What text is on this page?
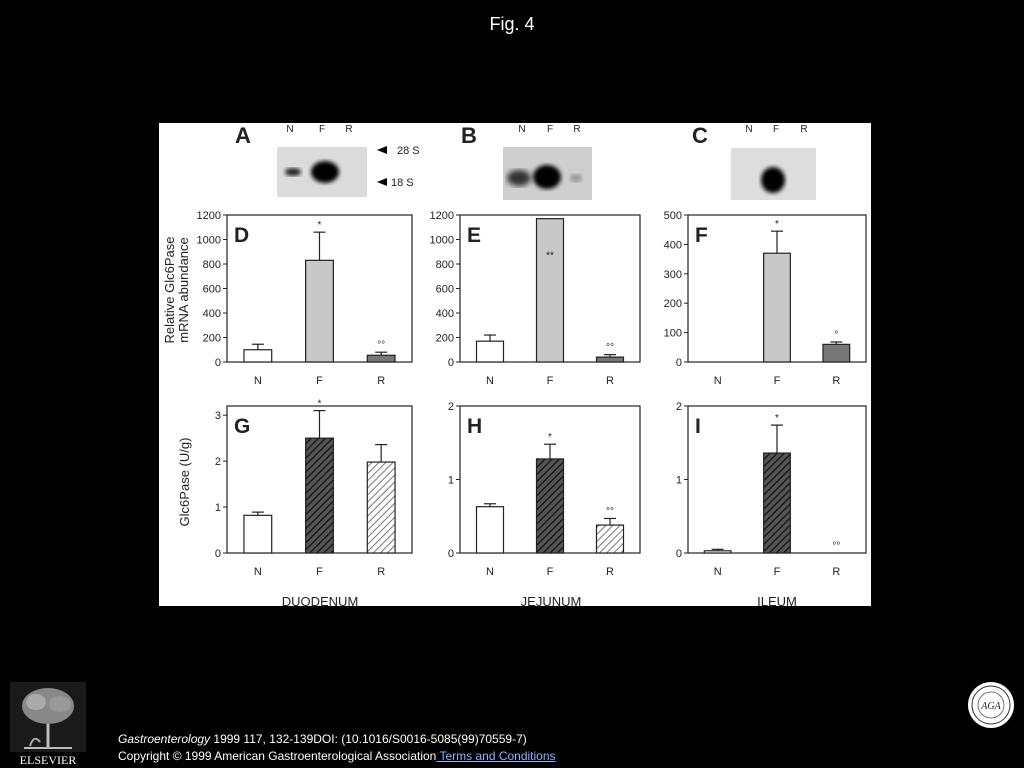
Fig. 4
A	N	F R
28 S
18 S
B	N F R	C	N F R
Relative Glc6Pase mRNA abundance
Glc6Pase (U/g)
DUODENUM	JEJUNUM	ILEUM
D
0
200
400
600
800
1000
1200
N
*
F
°°
R
E
0
200
400
600
800
1000
1200
N
**
F
°°
R
F
0
100
200
300
400
500
N
*
F
°
R
G
0
1
2
3
N
*
F	R
H
0
1
2
N
*
F
°°
R
I
0
1
2
N
*
F
°°
R
ELSEVIER
AGA
Gastroenterology 1999 117, 132-139DOI: (10.1016/S0016-5085(99)70559-7)
Copyright © 1999 American Gastroenterological Association Terms and Conditions
